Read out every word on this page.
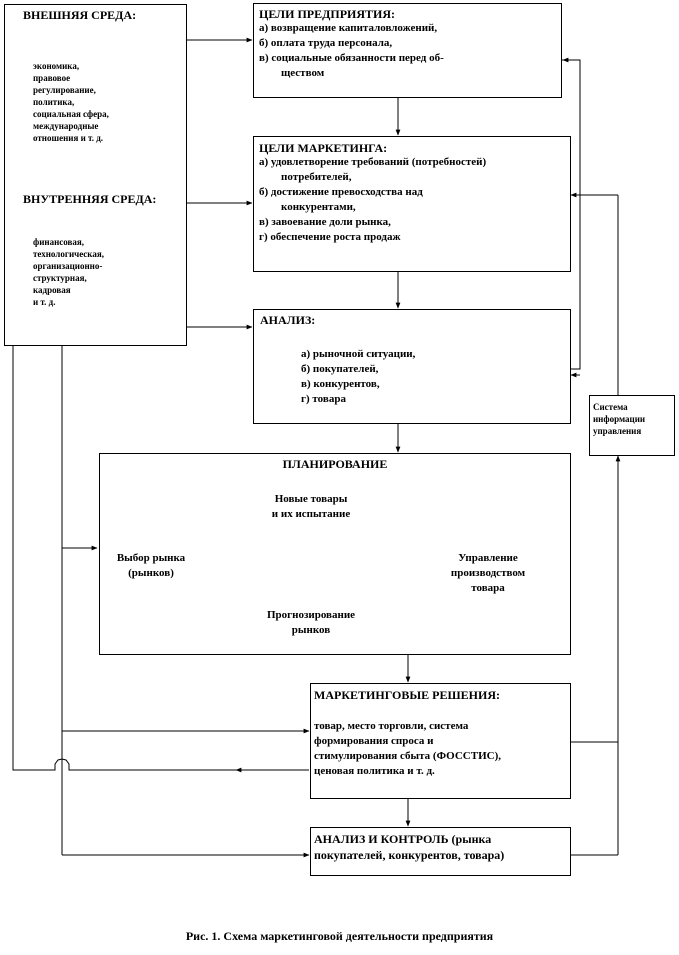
ВНЕШНЯЯ СРЕДА:
экономика,
правовое
регулирование,
политика,
социальная сфера,
международные
отношения и т. д.
ВНУТРЕННЯЯ СРЕДА:
финансовая,
технологическая,
организационно-
структурная,
кадровая
и т. д.
ЦЕЛИ ПРЕДПРИЯТИЯ:
а) возвращение капиталовложений,
б) оплата труда персонала,
в) социальные обязанности перед об-
ществом
ЦЕЛИ МАРКЕТИНГА:
а) удовлетворение требований (потребностей)
потребителей,
б) достижение превосходства над
конкурентами,
в) завоевание доли рынка,
г) обеспечение роста продаж
АНАЛИЗ:
а) рыночной ситуации,
б) покупателей,
в) конкурентов,
г) товара
Система
информации
управления
ПЛАНИРОВАНИЕ
Новые товары
и их испытание
Выбор рынка
(рынков)
Управление
производством
товара
Прогнозирование
рынков
МАРКЕТИНГОВЫЕ РЕШЕНИЯ:
товар, место торговли, система
формирования спроса и
стимулирования сбыта (ФОССТИС),
ценовая политика и т. д.
АНАЛИЗ И КОНТРОЛЬ (рынка
покупателей, конкурентов, товара)
Рис. 1. Схема маркетинговой деятельности предприятия
